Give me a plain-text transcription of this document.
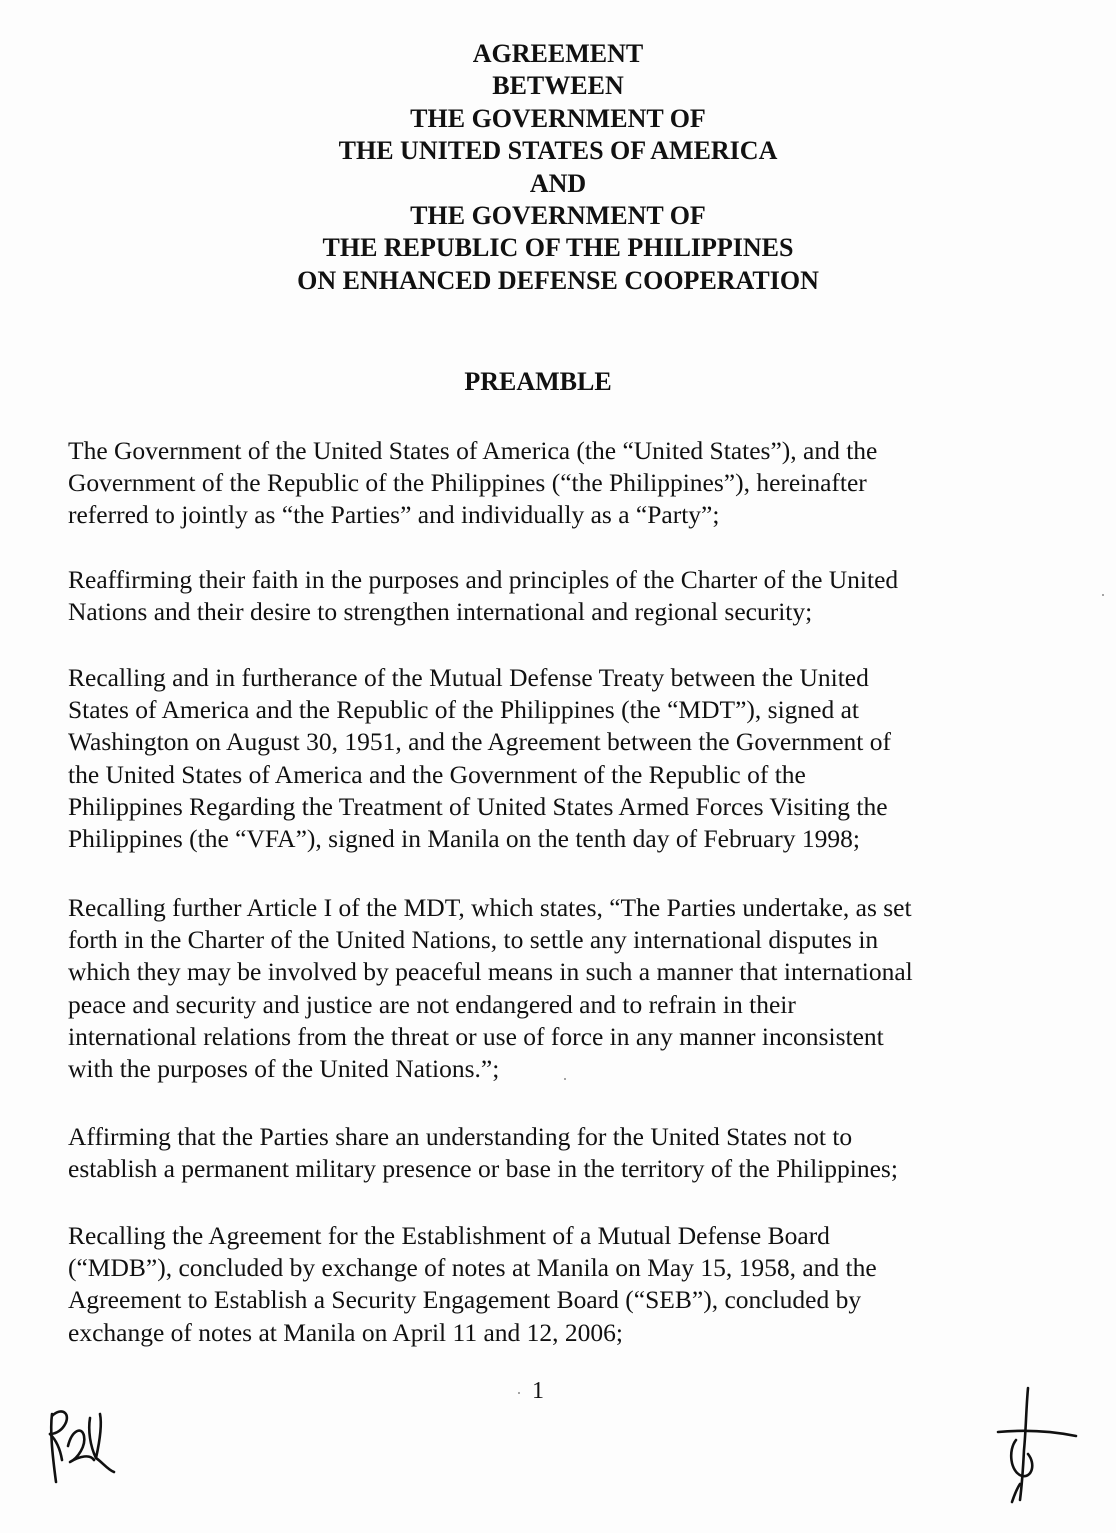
AGREEMENT
BETWEEN
THE GOVERNMENT OF
THE UNITED STATES OF AMERICA
AND
THE GOVERNMENT OF
THE REPUBLIC OF THE PHILIPPINES
ON ENHANCED DEFENSE COOPERATION
PREAMBLE
The Government of the United States of America (the “United States”), and the
Government of the Republic of the Philippines (“the Philippines”), hereinafter
referred to jointly as “the Parties” and individually as a “Party”;
Reaffirming their faith in the purposes and principles of the Charter of the United
Nations and their desire to strengthen international and regional security;
Recalling and in furtherance of the Mutual Defense Treaty between the United
States of America and the Republic of the Philippines (the “MDT”), signed at
Washington on August 30, 1951, and the Agreement between the Government of
the United States of America and the Government of the Republic of the
Philippines Regarding the Treatment of United States Armed Forces Visiting the
Philippines (the “VFA”), signed in Manila on the tenth day of February 1998;
Recalling further Article I of the MDT, which states, “The Parties undertake, as set
forth in the Charter of the United Nations, to settle any international disputes in
which they may be involved by peaceful means in such a manner that international
peace and security and justice are not endangered and to refrain in their
international relations from the threat or use of force in any manner inconsistent
with the purposes of the United Nations.”;
Affirming that the Parties share an understanding for the United States not to
establish a permanent military presence or base in the territory of the Philippines;
Recalling the Agreement for the Establishment of a Mutual Defense Board
(“MDB”), concluded by exchange of notes at Manila on May 15, 1958, and the
Agreement to Establish a Security Engagement Board (“SEB”), concluded by
exchange of notes at Manila on April 11 and 12, 2006;
1
